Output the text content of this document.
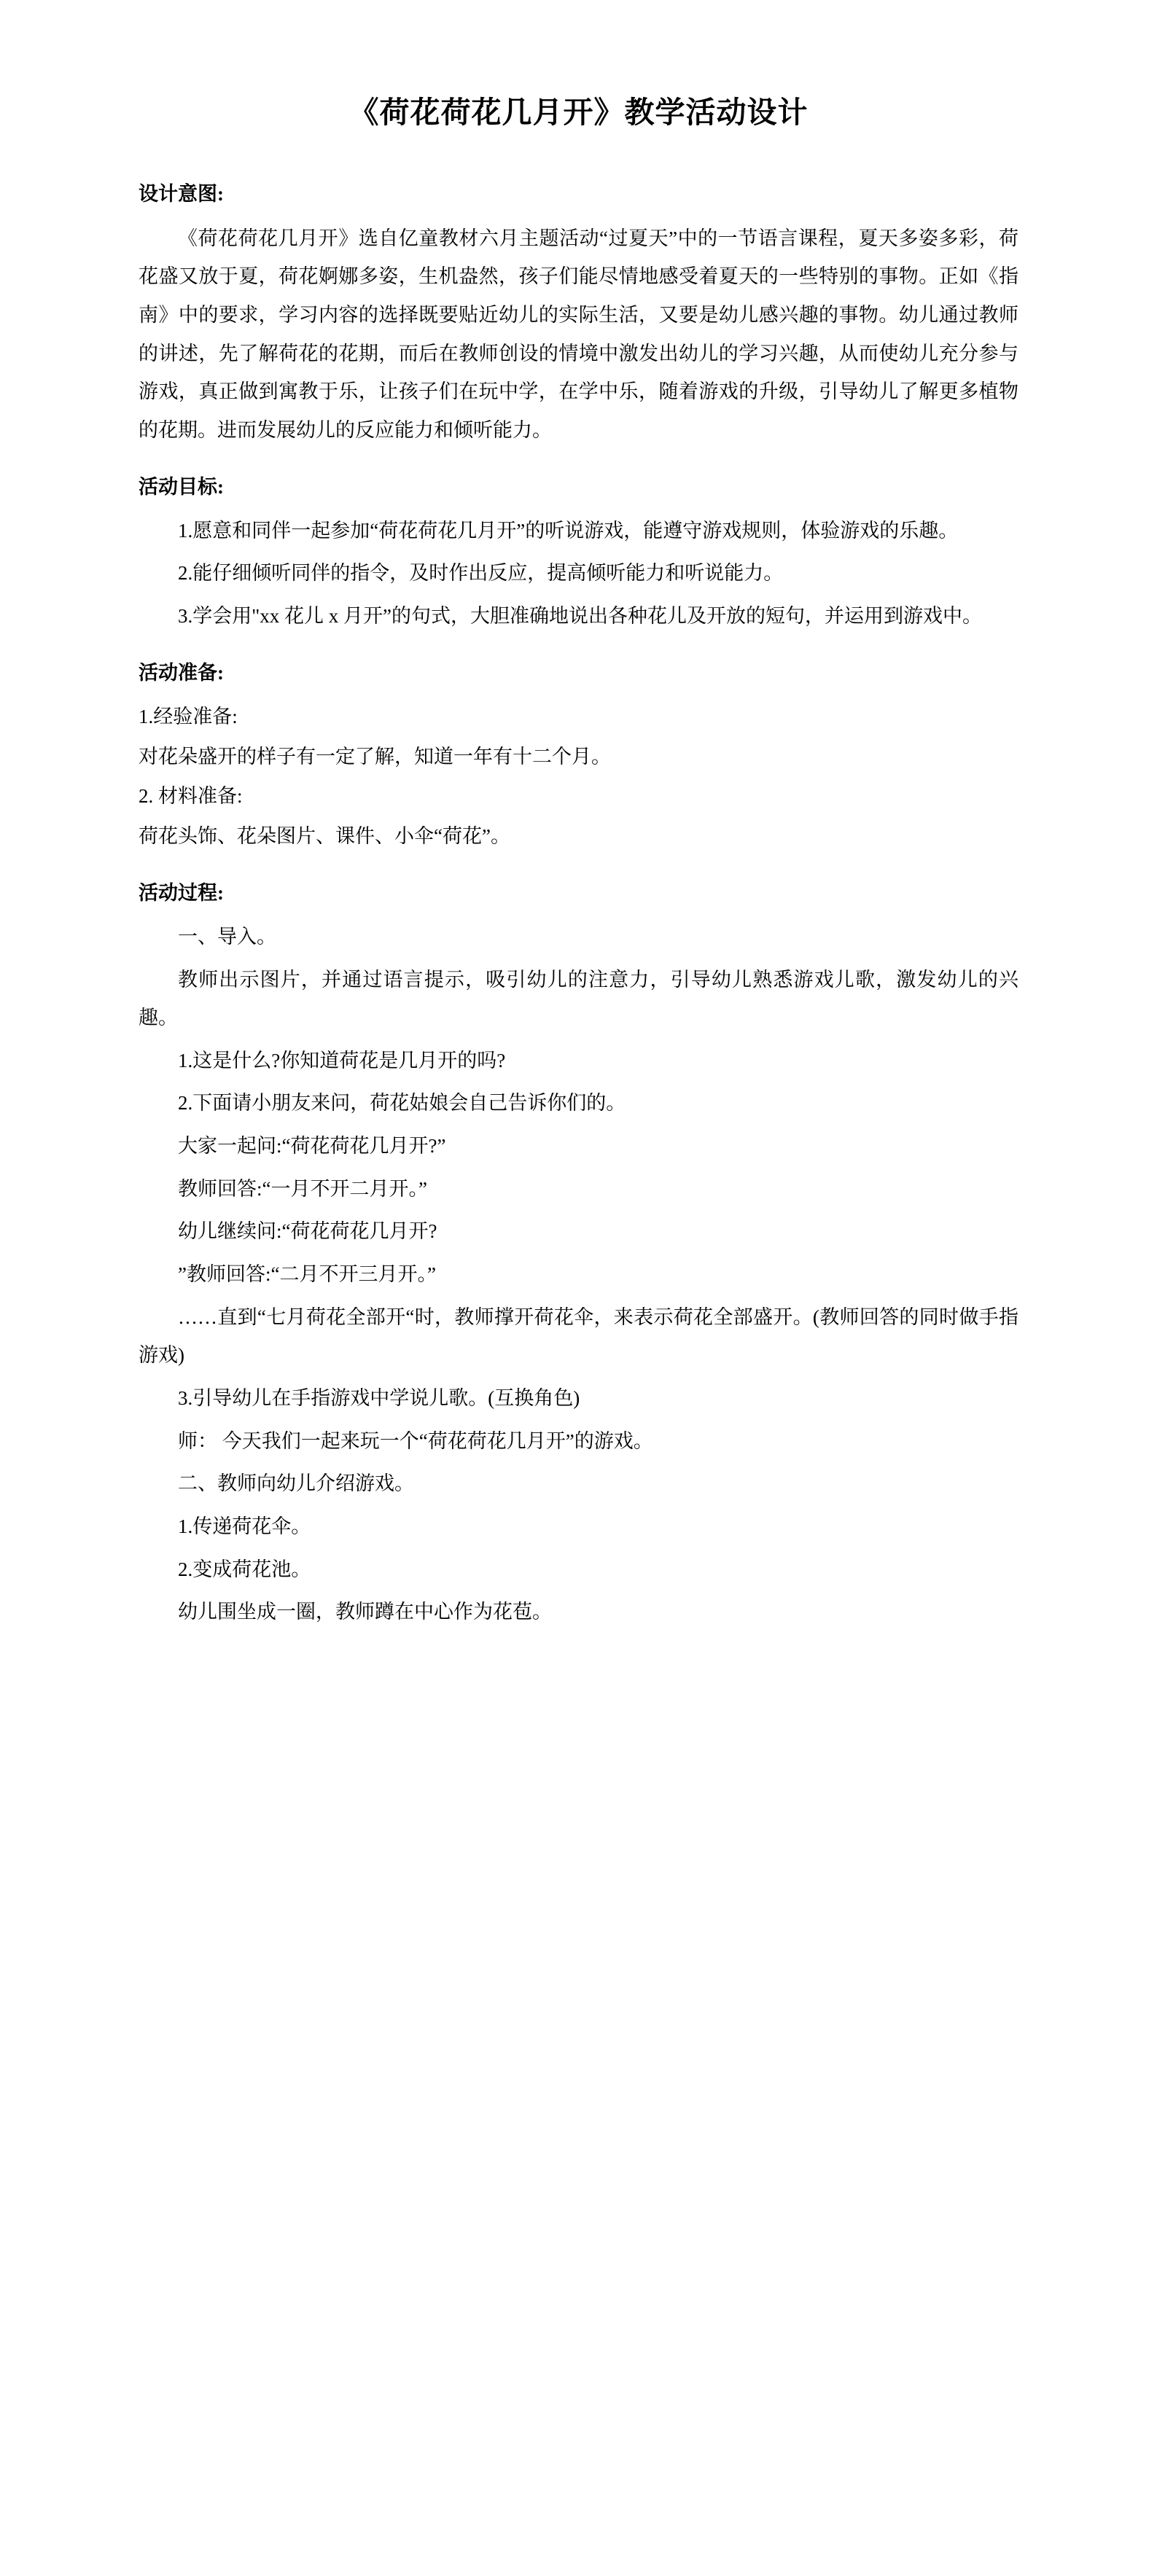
《荷花荷花几月开》教学活动设计
设计意图:

《荷花荷花几月开》选自亿童教材六月主题活动“过夏天”中的一节语言课程，夏天多姿多彩，荷花盛又放于夏，荷花婀娜多姿，生机盎然，孩子们能尽情地感受着夏天的一些特别的事物。正如《指南》中的要求，学习内容的选择既要贴近幼儿的实际生活，又要是幼儿感兴趣的事物。幼儿通过教师的讲述，先了解荷花的花期，而后在教师创设的情境中激发出幼儿的学习兴趣，从而使幼儿充分参与游戏，真正做到寓教于乐，让孩子们在玩中学，在学中乐，随着游戏的升级，引导幼儿了解更多植物的花期。进而发展幼儿的反应能力和倾听能力。

活动目标:

1.愿意和同伴一起参加“荷花荷花几月开”的听说游戏，能遵守游戏规则，体验游戏的乐趣。

2.能仔细倾听同伴的指令，及时作出反应，提高倾听能力和听说能力。

3.学会用"xx 花儿 x 月开”的句式，大胆准确地说出各种花儿及开放的短句，并运用到游戏中。

活动准备:

1.经验准备:

对花朵盛开的样子有一定了解，知道一年有十二个月。

2. 材料准备:

荷花头饰、花朵图片、课件、小伞“荷花”。

活动过程:

一、导入。

教师出示图片，并通过语言提示，吸引幼儿的注意力，引导幼儿熟悉游戏儿歌，激发幼儿的兴趣。

1.这是什么?你知道荷花是几月开的吗?

2.下面请小朋友来问，荷花姑娘会自己告诉你们的。

大家一起问:“荷花荷花几月开?”

教师回答:“一月不开二月开。”

幼儿继续问:“荷花荷花几月开?

”教师回答:“二月不开三月开。”

……直到“七月荷花全部开“时，教师撑开荷花伞，来表示荷花全部盛开。(教师回答的同时做手指游戏)

3.引导幼儿在手指游戏中学说儿歌。(互换角色)

师： 今天我们一起来玩一个“荷花荷花几月开”的游戏。

二、教师向幼儿介绍游戏。

1.传递荷花伞。

2.变成荷花池。

幼儿围坐成一圈，教师蹲在中心作为花苞。
